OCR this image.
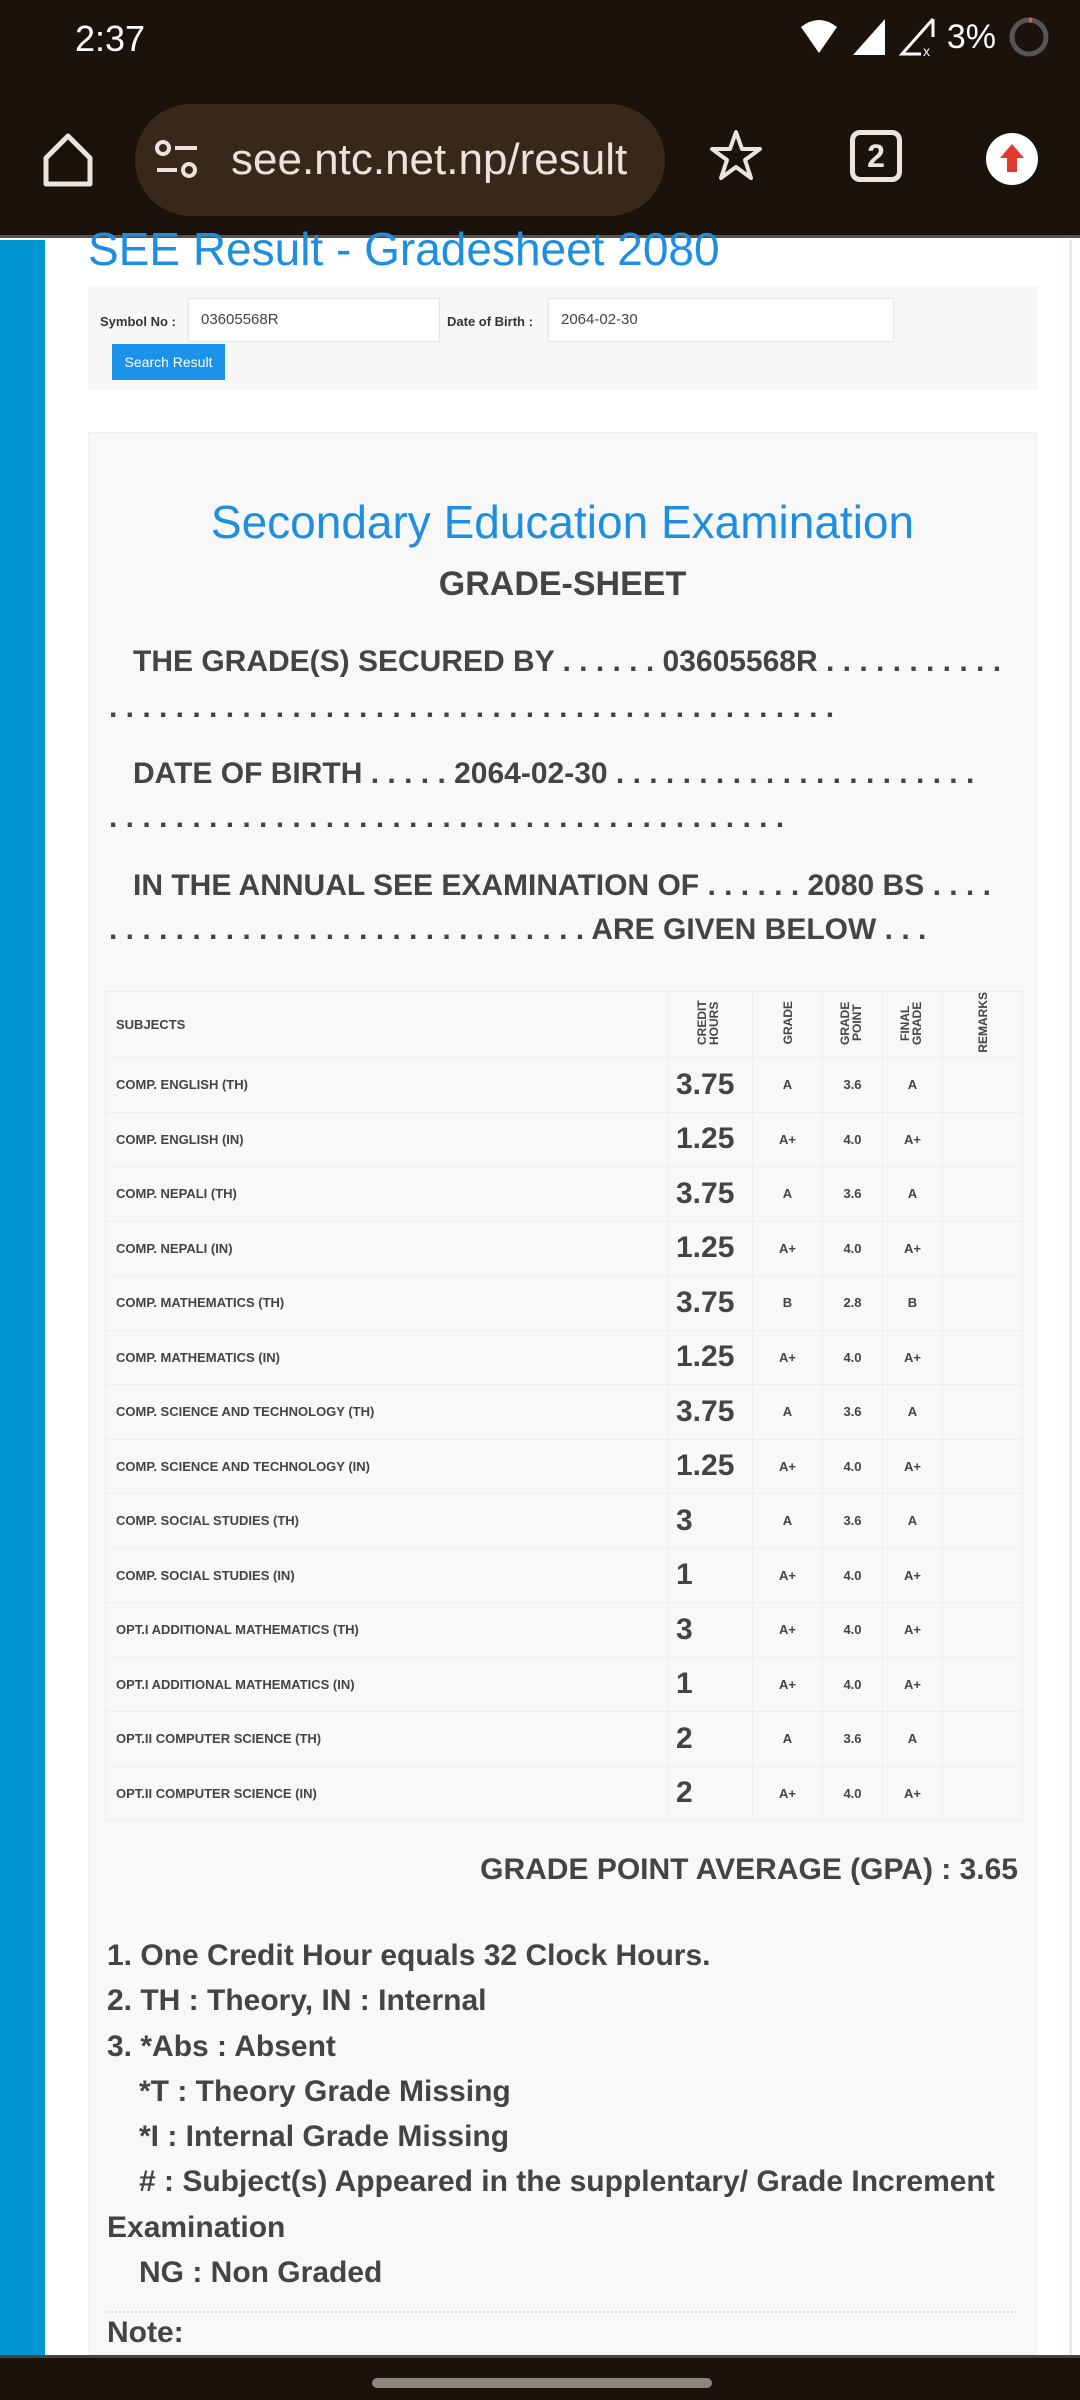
2:37	x 3%
see.ntc.net.np/result	2
SEE Result - Gradesheet 2080
Symbol No :	03605568R	Date of Birth :	2064-02-30
Search Result
Secondary Education Examination
GRADE-SHEET
THE GRADE(S) SECURED BY . . . . . . 03605568R . . . . . . . . . . .
. . . . . . . . . . . . . . . . . . . . . . . . . . . . . . . . . . . . . . . . . . . .
DATE OF BIRTH . . . . . 2064-02-30 . . . . . . . . . . . . . . . . . . . . . .
. . . . . . . . . . . . . . . . . . . . . . . . . . . . . . . . . . . . . . . . .
IN THE ANNUAL SEE EXAMINATION OF . . . . . . 2080 BS . . . .
. . . . . . . . . . . . . . . . . . . . . . . . . . . . . ARE GIVEN BELOW . . .
SUBJECTS	CREDIT HOURS	GRADE	GRADE POINT	FINAL GRADE	REMARKS
COMP. ENGLISH (TH)	3.75	A	3.6	A	
COMP. ENGLISH (IN)	1.25	A+	4.0	A+	
COMP. NEPALI (TH)	3.75	A	3.6	A	
COMP. NEPALI (IN)	1.25	A+	4.0	A+	
COMP. MATHEMATICS (TH)	3.75	B	2.8	B	
COMP. MATHEMATICS (IN)	1.25	A+	4.0	A+	
COMP. SCIENCE AND TECHNOLOGY (TH)	3.75	A	3.6	A	
COMP. SCIENCE AND TECHNOLOGY (IN)	1.25	A+	4.0	A+	
COMP. SOCIAL STUDIES (TH)	3	A	3.6	A	
COMP. SOCIAL STUDIES (IN)	1	A+	4.0	A+	
OPT.I ADDITIONAL MATHEMATICS (TH)	3	A+	4.0	A+	
OPT.I ADDITIONAL MATHEMATICS (IN)	1	A+	4.0	A+	
OPT.II COMPUTER SCIENCE (TH)	2	A	3.6	A	
OPT.II COMPUTER SCIENCE (IN)	2	A+	4.0	A+	
GRADE POINT AVERAGE (GPA) : 3.65
1. One Credit Hour equals 32 Clock Hours.
2. TH : Theory, IN : Internal
3. *Abs : Absent
*T : Theory Grade Missing
*I : Internal Grade Missing
# : Subject(s) Appeared in the supplentary/ Grade Increment
Examination
NG : Non Graded
Note:
